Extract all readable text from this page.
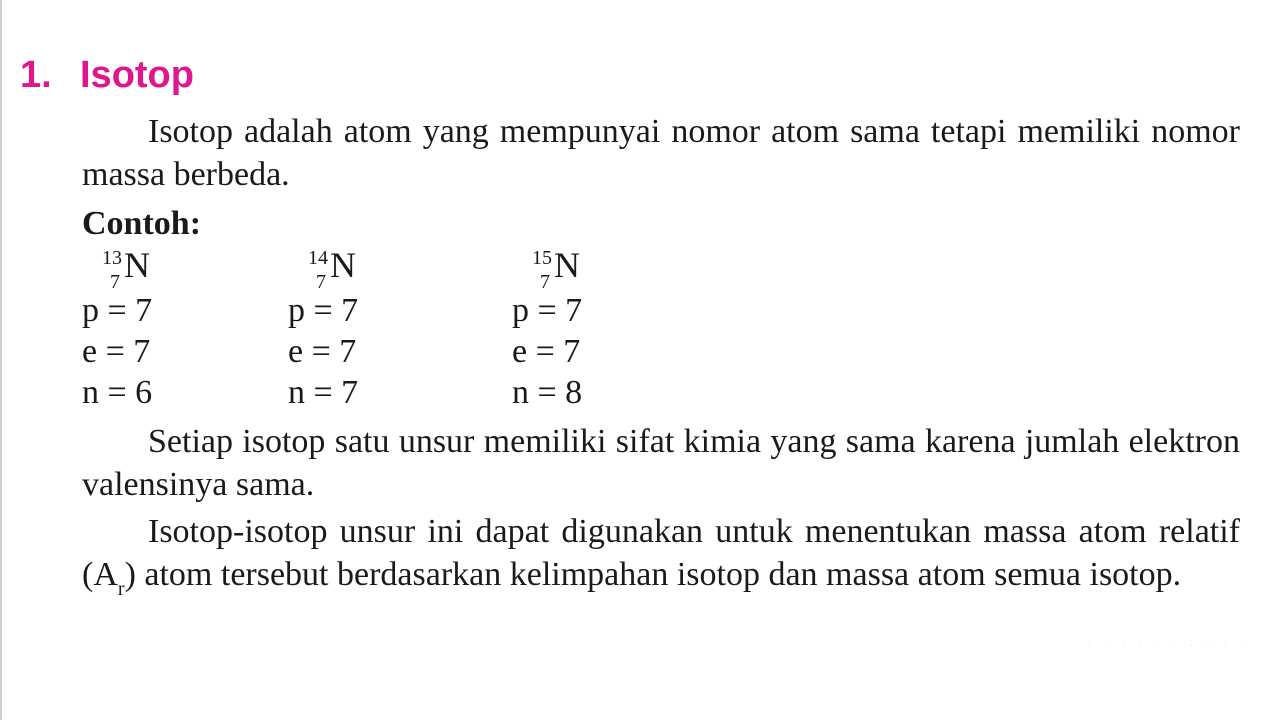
1. Isotop
Isotop adalah atom yang mempunyai nomor atom sama tetapi memiliki nomor massa berbeda.
Contoh:
13
7 N
p = 7
e = 7
n = 6
14
7 N
p = 7
e = 7
n = 7
15
7 N
p = 7
e = 7
n = 8
Setiap isotop satu unsur memiliki sifat kimia yang sama karena jumlah elektron valensinya sama.
Isotop-isotop unsur ini dapat digunakan untuk menentukan massa atom relatif $(A_r)$ atom tersebut berdasarkan kelimpahan isotop dan massa atom semua isotop.
. . . . . . . . . .
